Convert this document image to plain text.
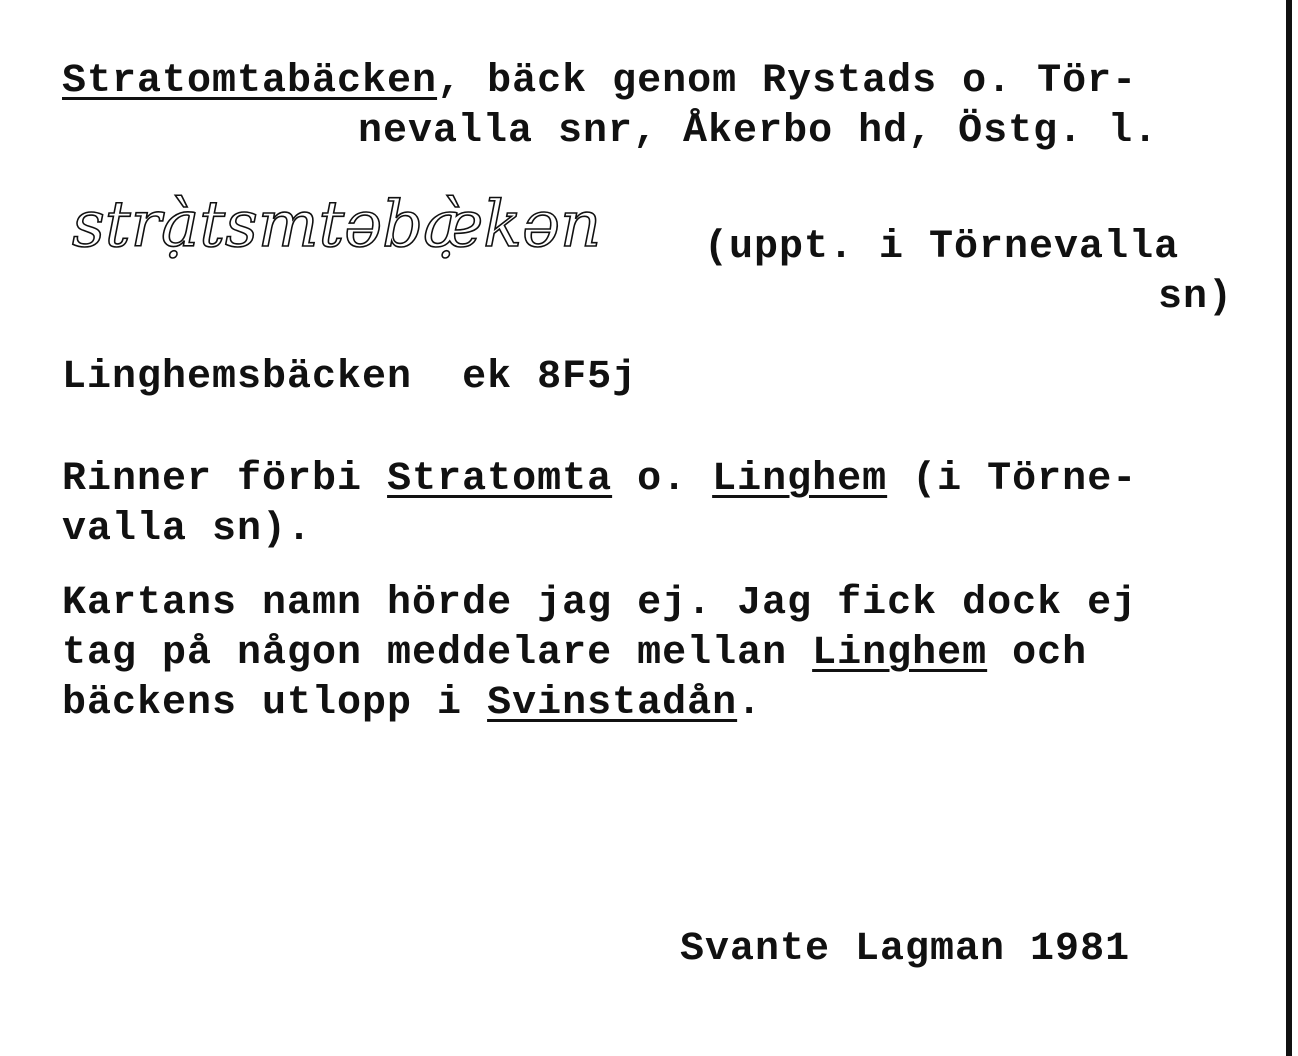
Stratomtabäcken, bäck genom Rystads o. Tör-
nevalla snr, Åkerbo hd, Östg. l.
strạ̀tsmtəbæ̣̀kən	(uppt. i Törnevalla
sn)
Linghemsbäcken  ek 8F5j
Rinner förbi Stratomta o. Linghem (i Törne-
valla sn).
Kartans namn hörde jag ej. Jag fick dock ej
tag på någon meddelare mellan Linghem och
bäckens utlopp i Svinstadån.
Svante Lagman 1981
